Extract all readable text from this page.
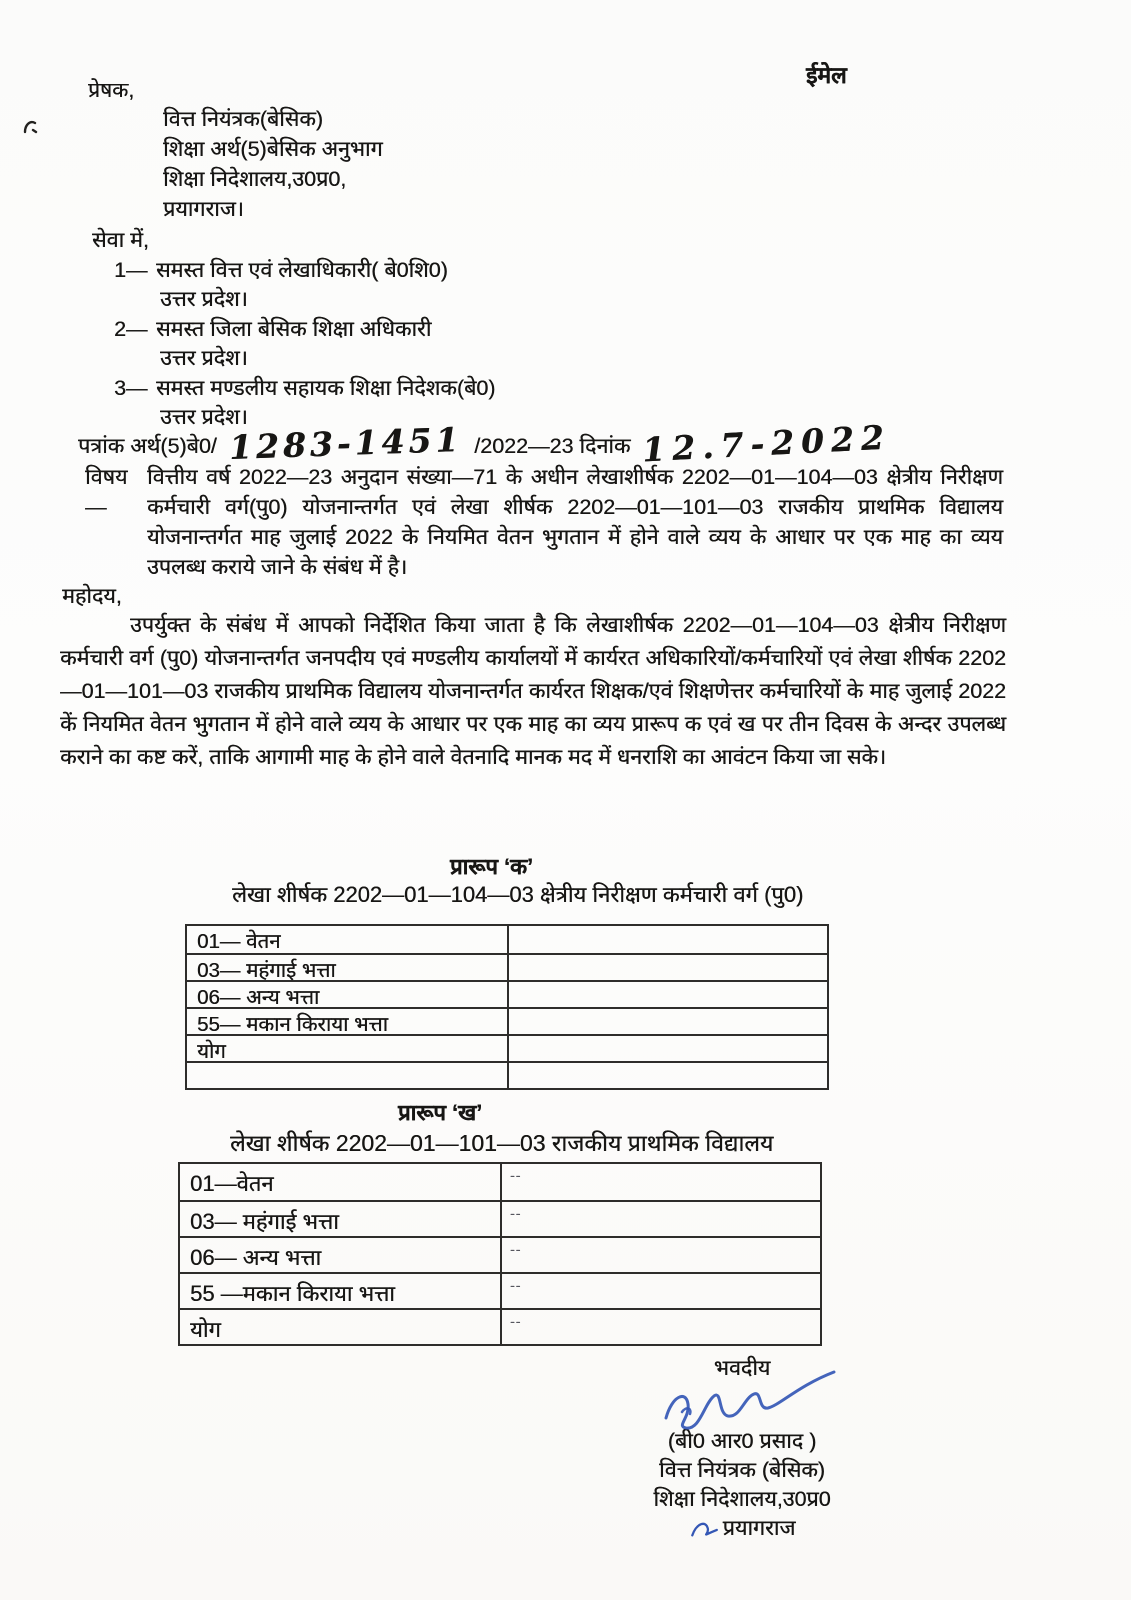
ईमेल
प्रेषक,
वित्त नियंत्रक(बेसिक)
शिक्षा अर्थ(5)बेसिक अनुभाग
शिक्षा निदेशालय,उ0प्र0,
प्रयागराज।
सेवा में,
1— समस्त वित्त एवं लेखाधिकारी( बे0शि0)
उत्तर प्रदेश।
2— समस्त जिला बेसिक शिक्षा अधिकारी
उत्तर प्रदेश।
3— समस्त मण्डलीय सहायक शिक्षा निदेशक(बे0)
उत्तर प्रदेश।
पत्रांक अर्थ(5)बे0/ 1283-1451 /2022—23 दिनांक 12.7-2022
विषय—
वित्तीय वर्ष 2022—23 अनुदान संख्या—71 के अधीन लेखाशीर्षक 2202—01—104—03 क्षेत्रीय निरीक्षण कर्मचारी वर्ग(पु0) योजनान्तर्गत एवं लेखा शीर्षक 2202—01—101—03 राजकीय प्राथमिक विद्यालय योजनान्तर्गत माह जुलाई 2022 के नियमित वेतन भुगतान में होने वाले व्यय के आधार पर एक माह का व्यय उपलब्ध कराये जाने के संबंध में है।
महोदय,
उपर्युक्त के संबंध में आपको निर्देशित किया जाता है कि लेखाशीर्षक 2202—01—104—03 क्षेत्रीय निरीक्षण कर्मचारी वर्ग (पु0) योजनान्तर्गत जनपदीय एवं मण्डलीय कार्यालयों में कार्यरत अधिकारियों/कर्मचारियों एवं लेखा शीर्षक 2202—01—101—03 राजकीय प्राथमिक विद्यालय योजनान्तर्गत कार्यरत शिक्षक/एवं शिक्षणेत्तर कर्मचारियों के माह जुलाई 2022 कें नियमित वेतन भुगतान में होने वाले व्यय के आधार पर एक माह का व्यय प्रारूप क एवं ख पर तीन दिवस के अन्दर उपलब्ध कराने का कष्ट करें, ताकि आगामी माह के होने वाले वेतनादि मानक मद में धनराशि का आवंटन किया जा सके।
प्रारूप ‘क’
लेखा शीर्षक 2202—01—104—03 क्षेत्रीय निरीक्षण कर्मचारी वर्ग (पु0)
01— वेतन
03— महंगाई भत्ता
06— अन्य भत्ता
55— मकान किराया भत्ता
योग
प्रारूप ‘ख’
लेखा शीर्षक 2202—01—101—03 राजकीय प्राथमिक विद्यालय
01—वेतन	--
03— महंगाई भत्ता	--
06— अन्य भत्ता	--
55 —मकान किराया भत्ता	--
योग	--
भवदीय
(बी0 आर0 प्रसाद )
वित्त नियंत्रक (बेसिक)
शिक्षा निदेशालय,उ0प्र0
प्रयागराज
